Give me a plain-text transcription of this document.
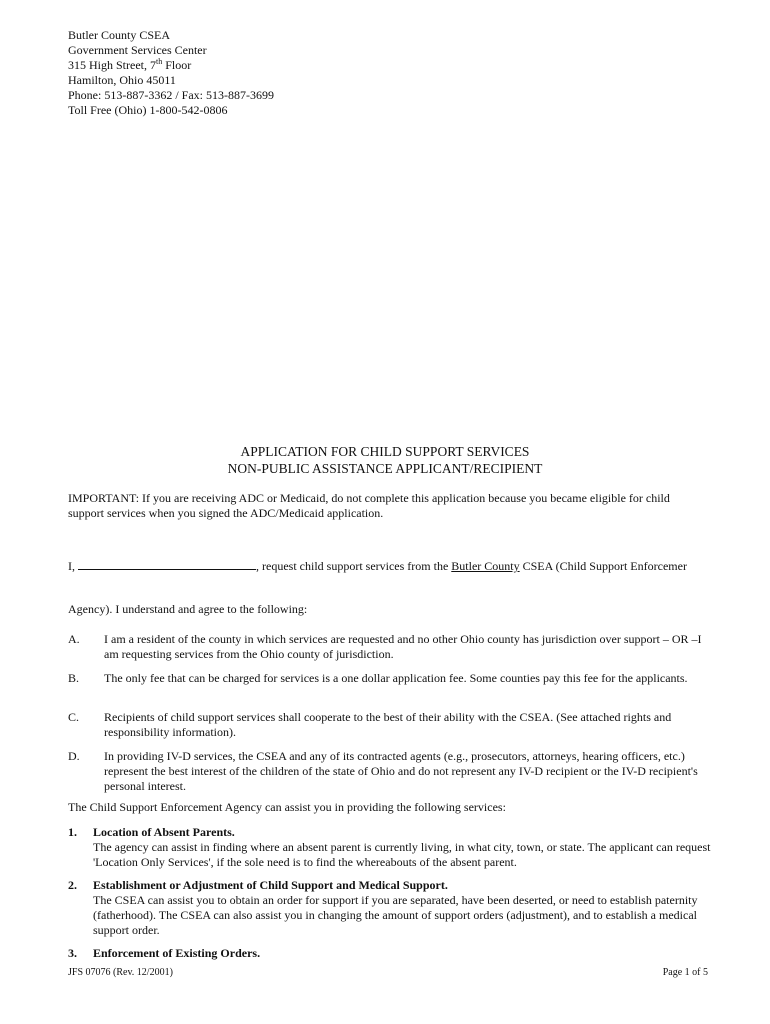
Butler County CSEA
Government Services Center
315 High Street, 7th Floor
Hamilton, Ohio 45011
Phone: 513-887-3362 / Fax: 513-887-3699
Toll Free (Ohio) 1-800-542-0806
APPLICATION FOR CHILD SUPPORT SERVICES
NON-PUBLIC ASSISTANCE APPLICANT/RECIPIENT
IMPORTANT: If you are receiving ADC or Medicaid, do not complete this application because you became eligible for child support services when you signed the ADC/Medicaid application.
I,	, request child support services from the Butler County CSEA (Child Support Enforcemer
Agency). I understand and agree to the following:
A. I am a resident of the county in which services are requested and no other Ohio county has jurisdiction over support – OR –I am requesting services from the Ohio county of jurisdiction.
B. The only fee that can be charged for services is a one dollar application fee. Some counties pay this fee for the applicants.
C. Recipients of child support services shall cooperate to the best of their ability with the CSEA. (See attached rights and responsibility information).
D. In providing IV-D services, the CSEA and any of its contracted agents (e.g., prosecutors, attorneys, hearing officers, etc.) represent the best interest of the children of the state of Ohio and do not represent any IV-D recipient or the IV-D recipient's personal interest.
The Child Support Enforcement Agency can assist you in providing the following services:
1. Location of Absent Parents.
The agency can assist in finding where an absent parent is currently living, in what city, town, or state. The applicant can request 'Location Only Services', if the sole need is to find the whereabouts of the absent parent.
2. Establishment or Adjustment of Child Support and Medical Support.
The CSEA can assist you to obtain an order for support if you are separated, have been deserted, or need to establish paternity (fatherhood). The CSEA can also assist you in changing the amount of support orders (adjustment), and to establish a medical support order.
3. Enforcement of Existing Orders.
JFS 07076 (Rev. 12/2001)	Page 1 of 5
